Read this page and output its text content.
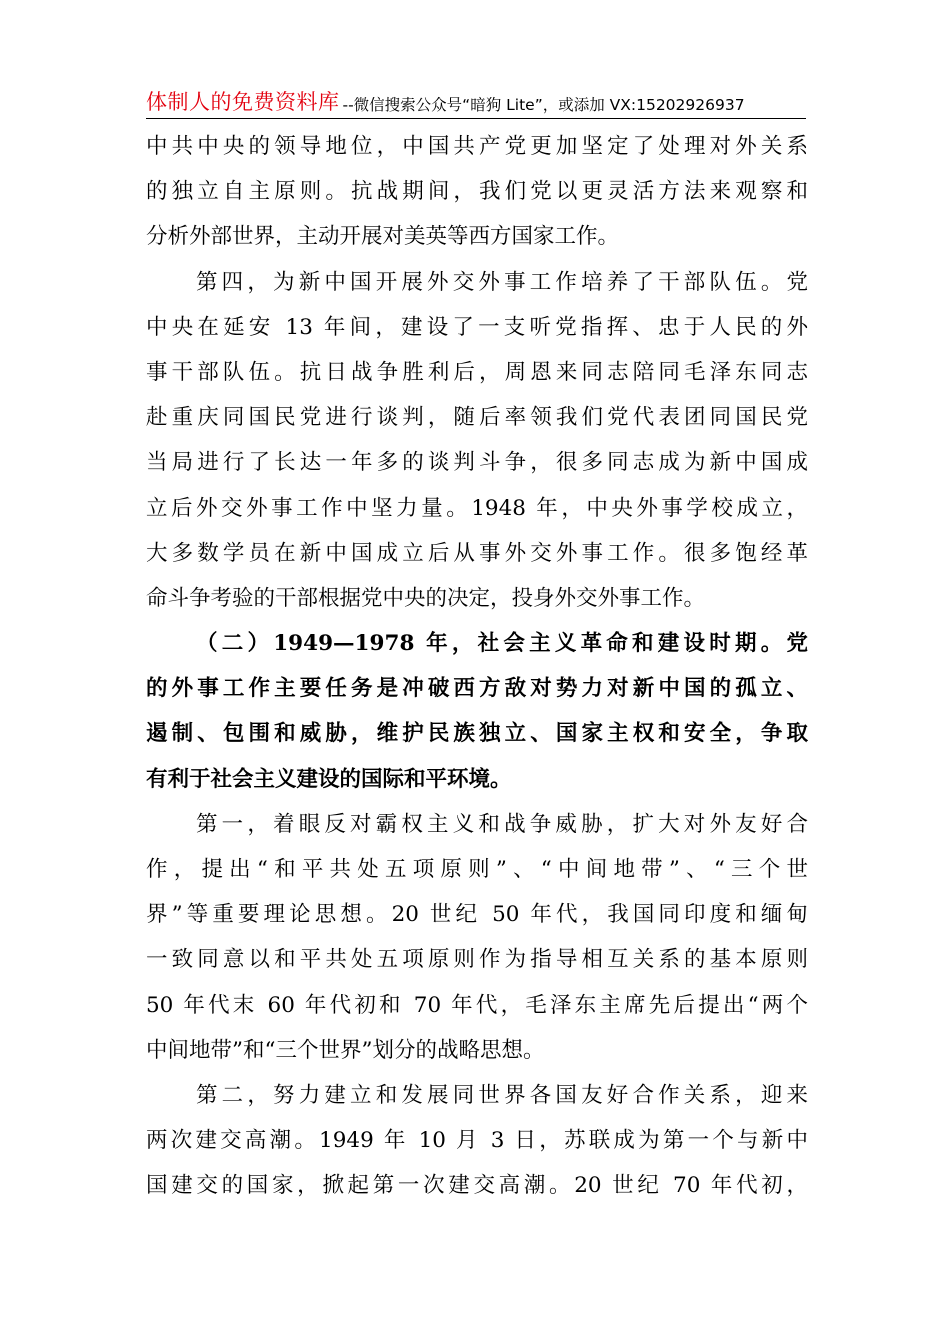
体制人的免费资料库 --微信搜索公众号“暗狗 Lite”，或添加 VX:15202926937
中共中央的领导地位，中国共产党更加坚定了处理对外关系
的独立自主原则。抗战期间，我们党以更灵活方法来观察和
分析外部世界，主动开展对美英等西方国家工作。
第四，为新中国开展外交外事工作培养了干部队伍。党
中央在延安 13 年间，建设了一支听党指挥、忠于人民的外
事干部队伍。抗日战争胜利后，周恩来同志陪同毛泽东同志
赴重庆同国民党进行谈判，随后率领我们党代表团同国民党
当局进行了长达一年多的谈判斗争，很多同志成为新中国成
立后外交外事工作中坚力量。1948 年，中央外事学校成立，
大多数学员在新中国成立后从事外交外事工作。很多饱经革
命斗争考验的干部根据党中央的决定，投身外交外事工作。
（二）1949—1978 年，社会主义革命和建设时期。党
的外事工作主要任务是冲破西方敌对势力对新中国的孤立、
遏制、包围和威胁，维护民族独立、国家主权和安全，争取
有利于社会主义建设的国际和平环境。
第一，着眼反对霸权主义和战争威胁，扩大对外友好合
作，提出“和平共处五项原则”、“中间地带”、“三个世
界”等重要理论思想。20 世纪 50 年代，我国同印度和缅甸
一致同意以和平共处五项原则作为指导相互关系的基本原则
50 年代末 60 年代初和 70 年代，毛泽东主席先后提出“两个
中间地带”和“三个世界”划分的战略思想。
第二，努力建立和发展同世界各国友好合作关系，迎来
两次建交高潮。1949 年 10 月 3 日，苏联成为第一个与新中
国建交的国家，掀起第一次建交高潮。20 世纪 70 年代初，
